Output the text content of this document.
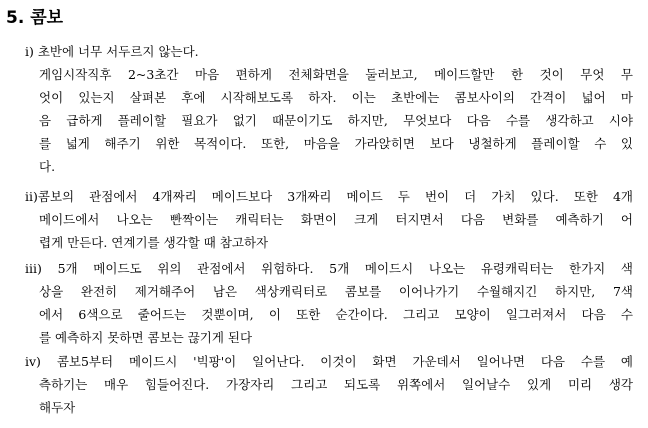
5. 콤보
i) 초반에 너무 서두르지 않는다.
게임시작직후 2~3초간 마음 편하게 전체화면을 둘러보고, 메이드할만 한 것이 무엇 무
엇이 있는지 살펴본 후에 시작해보도록 하자. 이는 초반에는 콤보사이의 간격이 넓어 마
음 급하게 플레이할 필요가 없기 때문이기도 하지만, 무엇보다 다음 수를 생각하고 시야
를 넓게 해주기 위한 목적이다. 또한, 마음을 가라앉히면 보다 냉철하게 플레이할 수 있
다.
ii)콤보의 관점에서 4개짜리 메이드보다 3개짜리 메이드 두 번이 더 가치 있다. 또한 4개
메이드에서 나오는 빤짝이는 캐릭터는 화면이 크게 터지면서 다음 변화를 예측하기 어
렵게 만든다. 연계기를 생각할 때 참고하자
iii) 5개 메이드도 위의 관점에서 위험하다. 5개 메이드시 나오는 유령캐릭터는 한가지 색
상을 완전히 제거해주어 남은 색상캐릭터로 콤보를 이어나가기 수월해지긴 하지만, 7색
에서 6색으로 줄어드는 것뿐이며, 이 또한 순간이다. 그리고 모양이 일그러져서 다음 수
를 예측하지 못하면 콤보는 끊기게 된다
iv) 콤보5부터 메이드시 '빅팡'이 일어난다. 이것이 화면 가운데서 일어나면 다음 수를 예
측하기는 매우 힘들어진다. 가장자리 그리고 되도록 위쪽에서 일어날수 있게 미리 생각
해두자
